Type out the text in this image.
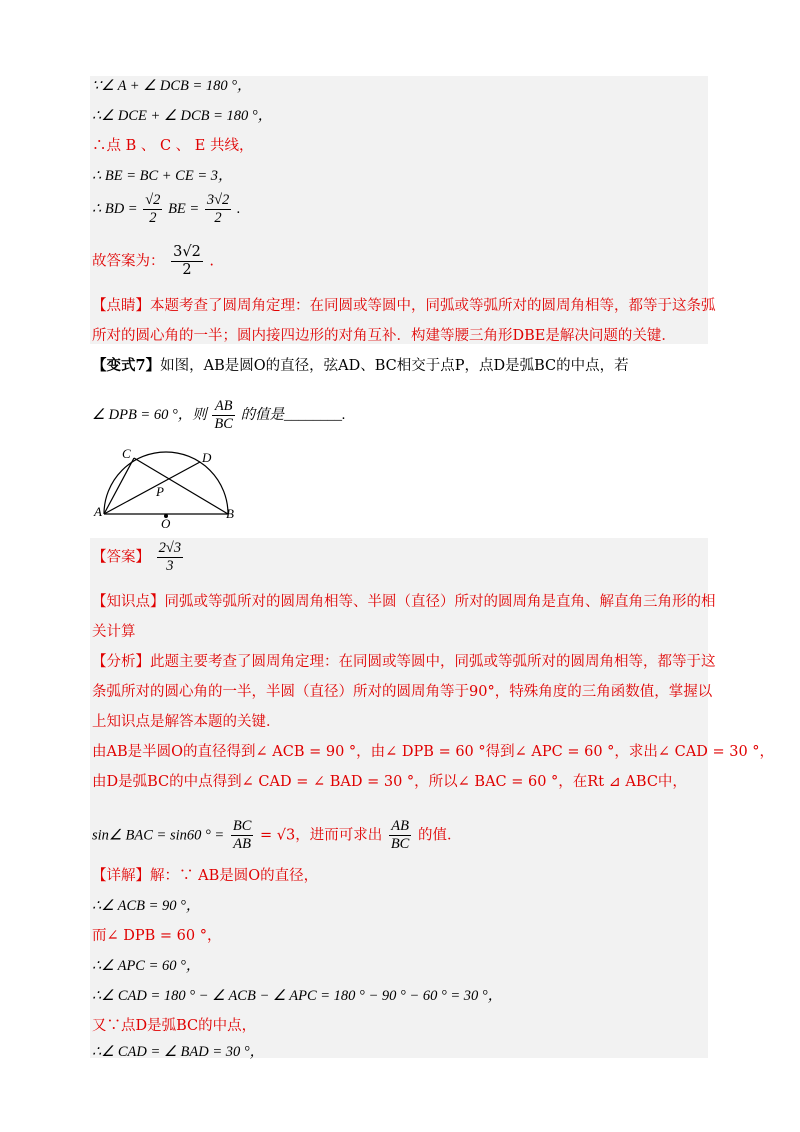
∵∠ A + ∠ DCB = 180 °，
∴∠ DCE + ∠ DCB = 180 °，
∴点 B 、 C 、 E 共线，
∴ BE = BC + CE = 3，
∴ BD = $\frac{√2}{2}$ BE = $\frac{3√2}{2}$ .
故答案为： $\frac{3√2}{2}$ .
【点睛】本题考查了圆周角定理：在同圆或等圆中，同弧或等弧所对的圆周角相等，都等于这条弧
所对的圆心角的一半；圆内接四边形的对角互补．构建等腰三角形DBE是解决问题的关键．
【变式7】如图，AB是圆O的直径，弦AD、BC相交于点P，点D是弧BC的中点，若
∠ DPB = 60 °，则 $\frac{AB}{BC}$ 的值是________.
A	B
C	D
P
O
【答案】 $\frac{2√3}{3}$
【知识点】同弧或等弧所对的圆周角相等、半圆（直径）所对的圆周角是直角、解直角三角形的相
关计算
【分析】此题主要考查了圆周角定理：在同圆或等圆中，同弧或等弧所对的圆周角相等，都等于这
条弧所对的圆心角的一半，半圆（直径）所对的圆周角等于90°，特殊角度的三角函数值，掌握以
上知识点是解答本题的关键．
由AB是半圆O的直径得到∠ ACB = 90 °，由∠ DPB = 60 °得到∠ APC = 60 °，求出∠ CAD = 30 °，
由D是弧BC的中点得到∠ CAD = ∠ BAD = 30 °，所以∠ BAC = 60 °，在Rt ⊿ ABC中，
sin∠ BAC = sin60 ° = $\frac{BC}{AB} = √3$，进而可求出 $\frac{AB}{BC}$ 的值．
【详解】解：∵ AB是圆O的直径，
∴∠ ACB = 90 °，
而∠ DPB = 60 °，
∴∠ APC = 60 °，
∴∠ CAD = 180 ° − ∠ ACB − ∠ APC = 180 ° − 90 ° − 60 ° = 30 °，
又∵点D是弧BC的中点，
∴∠ CAD = ∠ BAD = 30 °，
